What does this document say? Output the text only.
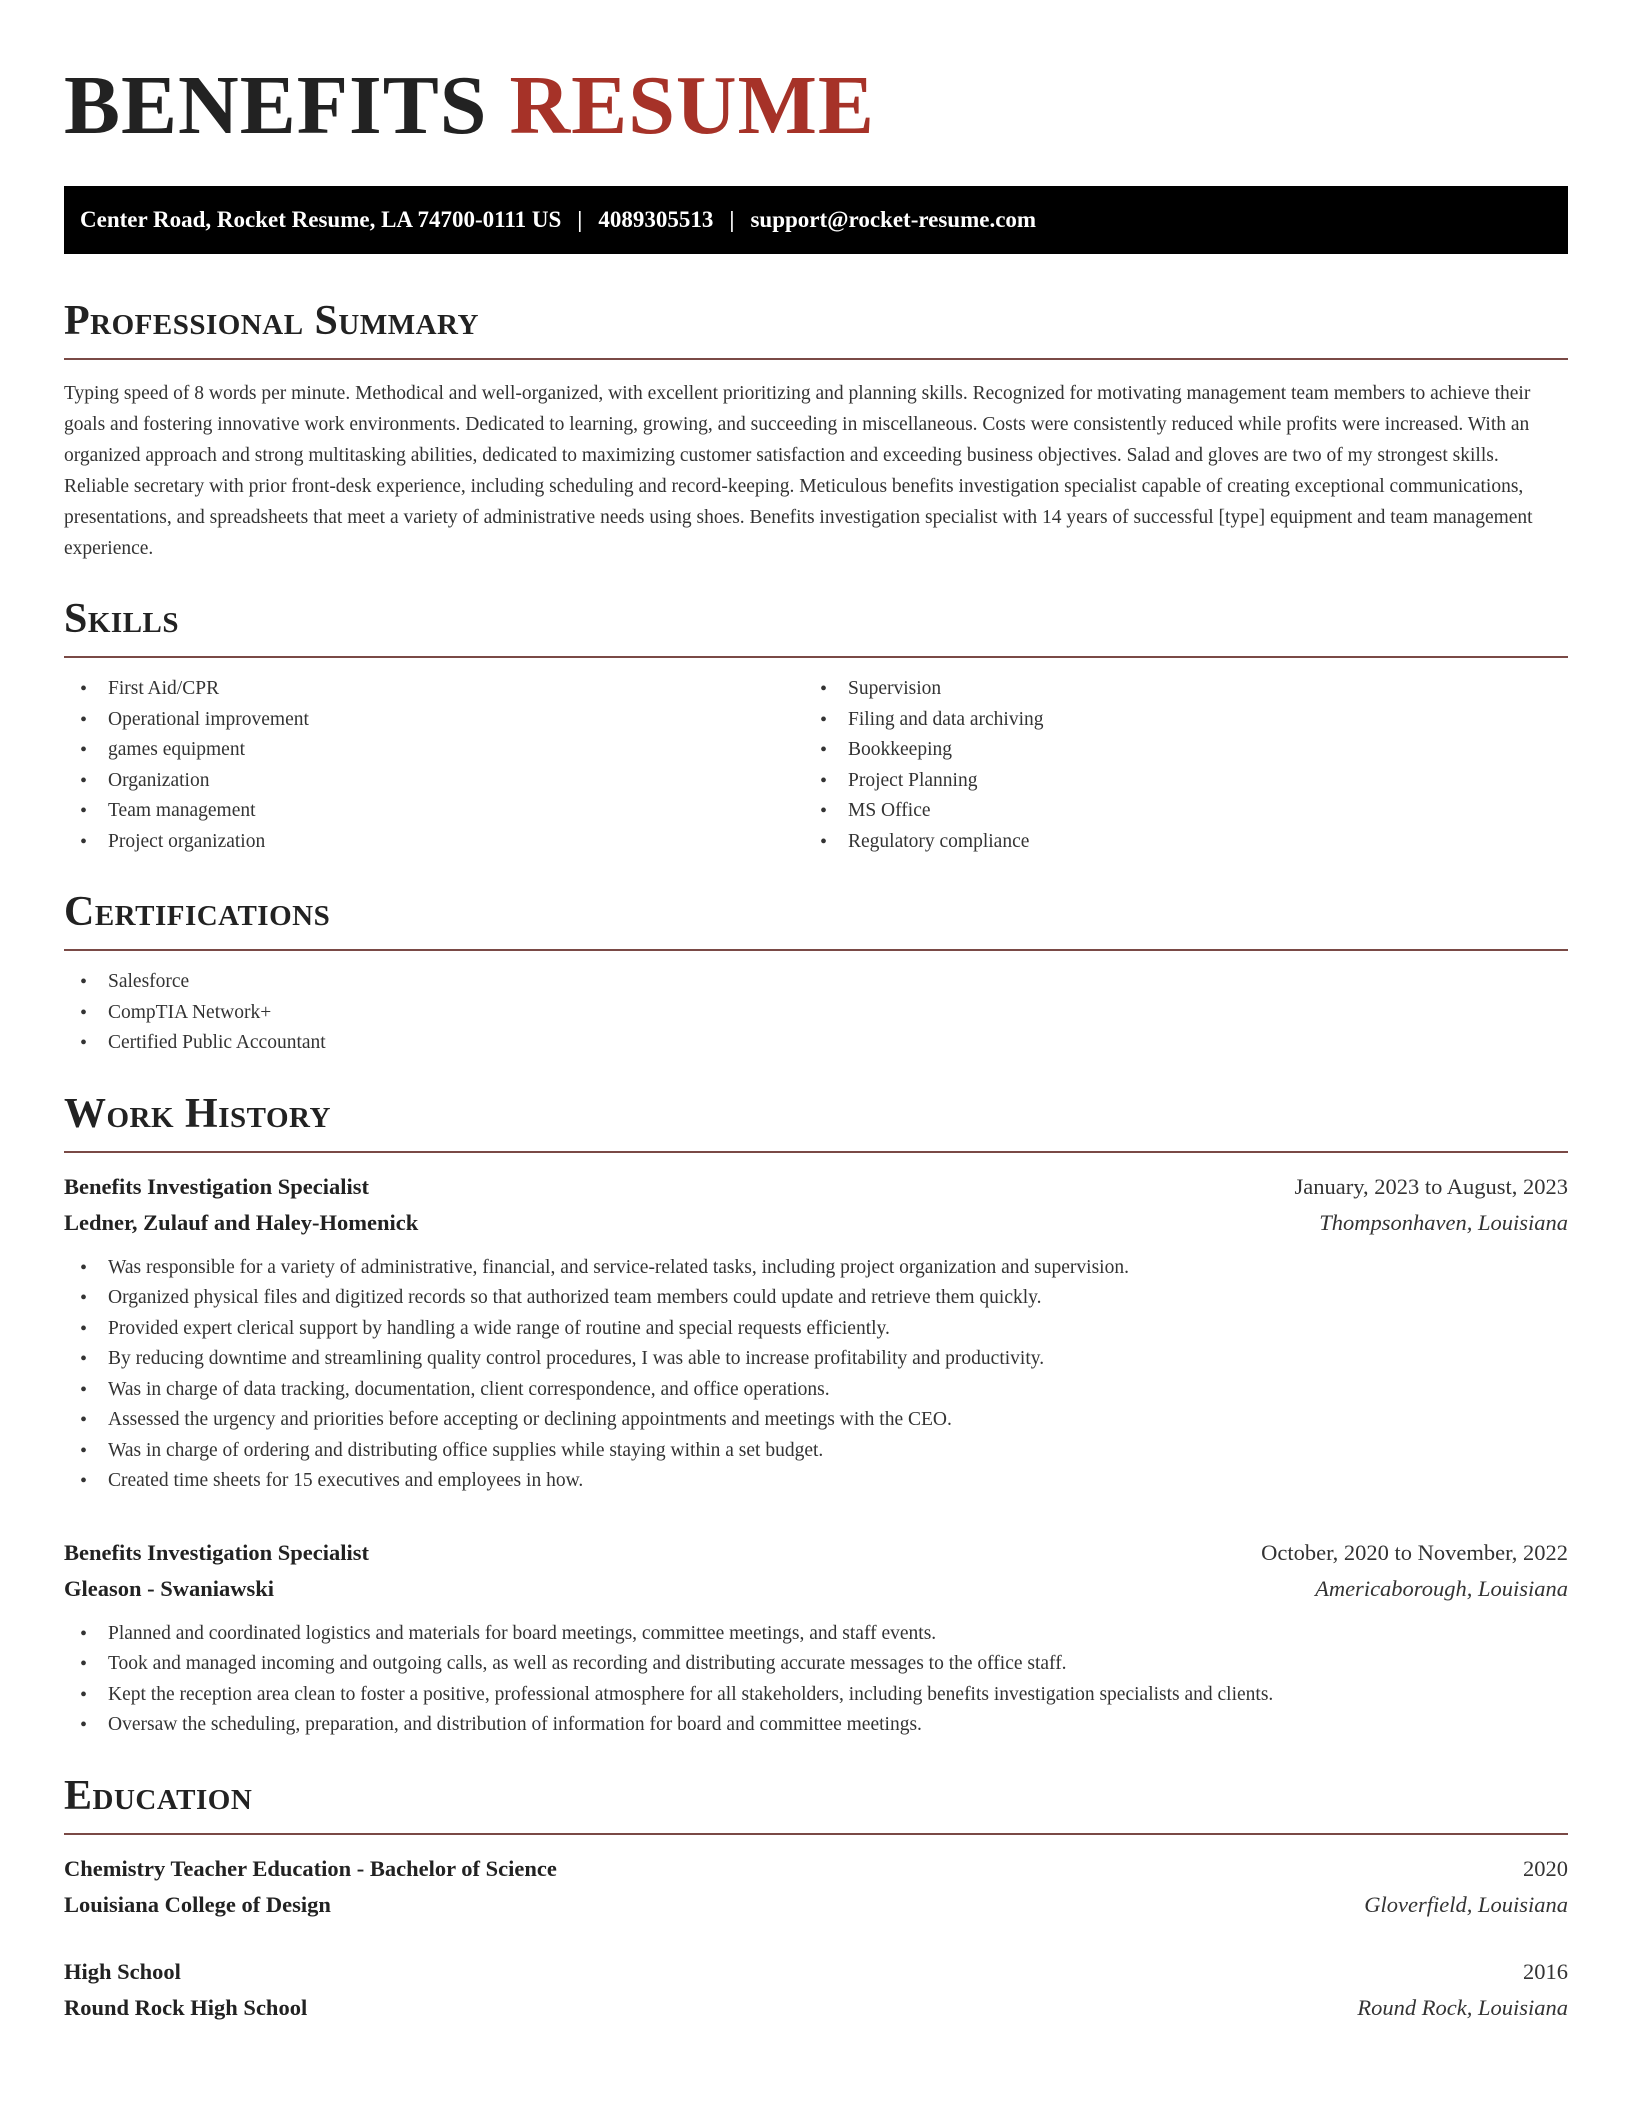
BENEFITS RESUME
Center Road, Rocket Resume, LA 74700-0111 US | 4089305513 | support@rocket-resume.com
Professional Summary

Typing speed of 8 words per minute. Methodical and well-organized, with excellent prioritizing and planning skills. Recognized for motivating management team members to achieve their goals and fostering innovative work environments. Dedicated to learning, growing, and succeeding in miscellaneous. Costs were consistently reduced while profits were increased. With an organized approach and strong multitasking abilities, dedicated to maximizing customer satisfaction and exceeding business objectives. Salad and gloves are two of my strongest skills. Reliable secretary with prior front-desk experience, including scheduling and record-keeping. Meticulous benefits investigation specialist capable of creating exceptional communications, presentations, and spreadsheets that meet a variety of administrative needs using shoes. Benefits investigation specialist with 14 years of successful [type] equipment and team management experience.

Skills
• First Aid/CPR
• Operational improvement
• games equipment
• Organization
• Team management
• Project organization
• Supervision
• Filing and data archiving
• Bookkeeping
• Project Planning
• MS Office
• Regulatory compliance
Certifications
• Salesforce
• CompTIA Network+
• Certified Public Accountant
Work History
Benefits Investigation Specialist	January, 2023 to August, 2023
Ledner, Zulauf and Haley-Homenick	Thompsonhaven, Louisiana
• Was responsible for a variety of administrative, financial, and service-related tasks, including project organization and supervision.
• Organized physical files and digitized records so that authorized team members could update and retrieve them quickly.
• Provided expert clerical support by handling a wide range of routine and special requests efficiently.
• By reducing downtime and streamlining quality control procedures, I was able to increase profitability and productivity.
• Was in charge of data tracking, documentation, client correspondence, and office operations.
• Assessed the urgency and priorities before accepting or declining appointments and meetings with the CEO.
• Was in charge of ordering and distributing office supplies while staying within a set budget.
• Created time sheets for 15 executives and employees in how.
Benefits Investigation Specialist	October, 2020 to November, 2022
Gleason - Swaniawski	Americaborough, Louisiana
• Planned and coordinated logistics and materials for board meetings, committee meetings, and staff events.
• Took and managed incoming and outgoing calls, as well as recording and distributing accurate messages to the office staff.
• Kept the reception area clean to foster a positive, professional atmosphere for all stakeholders, including benefits investigation specialists and clients.
• Oversaw the scheduling, preparation, and distribution of information for board and committee meetings.
Education
Chemistry Teacher Education - Bachelor of Science	2020
Louisiana College of Design	Gloverfield, Louisiana
High School	2016
Round Rock High School	Round Rock, Louisiana
